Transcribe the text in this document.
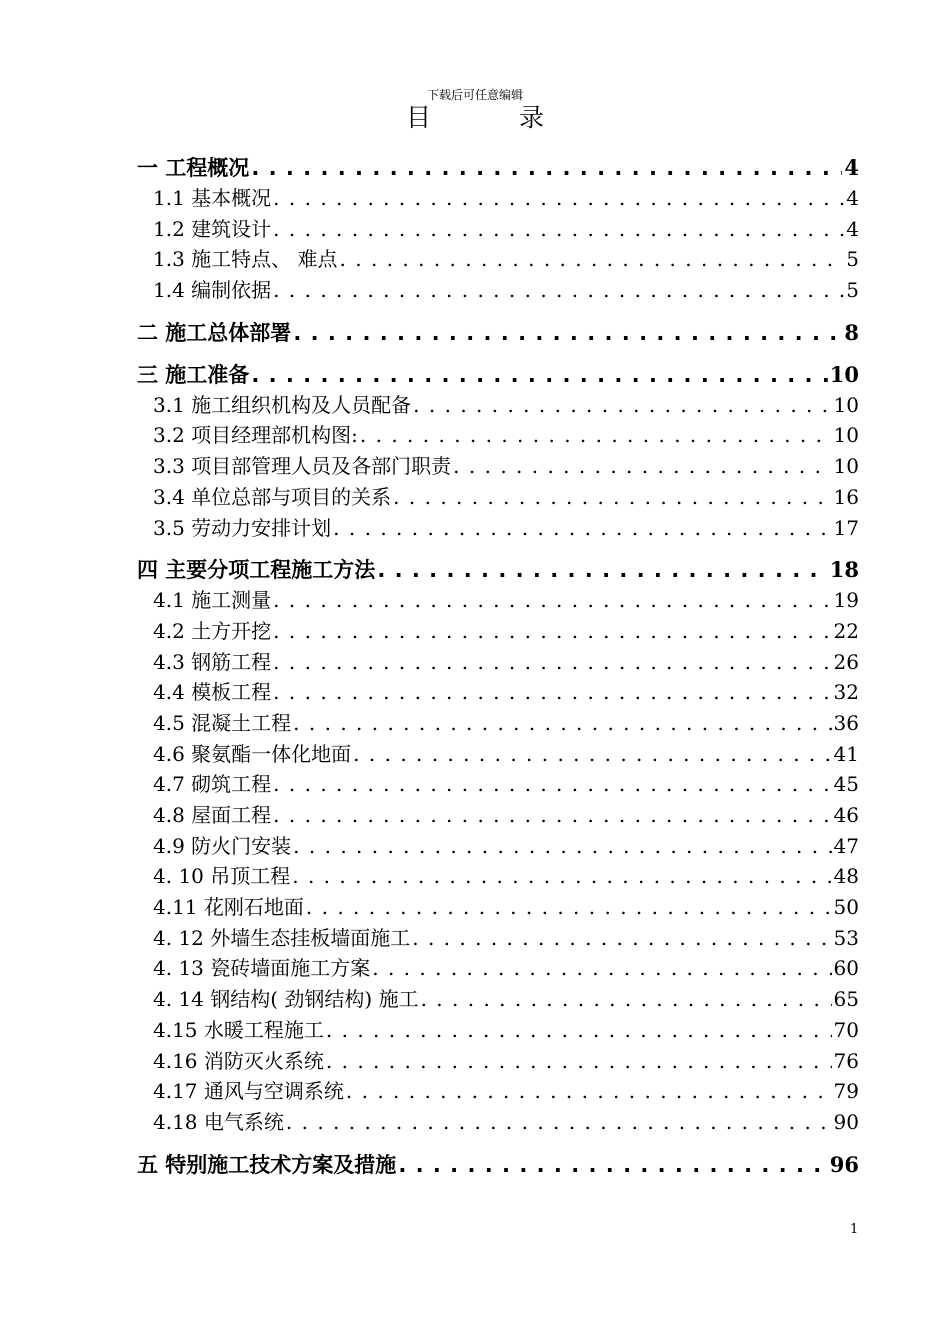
下载后可任意编辑
目 录
一 工程概况 . . .	4
1.1 基本概况 . . .	4
1.2 建筑设计 . . .	4
1.3 施工特点、 难点 . . .	5
1.4 编制依据 . . .	5
二 施工总体部署 . . .	8
三 施工准备 . . .	10
3.1 施工组织机构及人员配备 . . .	10
3.2 项目经理部机构图: . . .	10
3.3 项目部管理人员及各部门职责 . . .	10
3.4 单位总部与项目的关系 . . .	16
3.5 劳动力安排计划 . . .	17
四 主要分项工程施工方法 . . .	18
4.1 施工测量 . . .	19
4.2 土方开挖 . . .	22
4.3 钢筋工程 . . .	26
4.4 模板工程 . . .	32
4.5 混凝土工程 . . .	36
4.6 聚氨酯一体化地面 . . .	41
4.7 砌筑工程 . . .	45
4.8 屋面工程 . . .	46
4.9 防火门安装 . . .	47
4. 10 吊顶工程 . . .	48
4.11 花刚石地面 . . .	50
4. 12 外墙生态挂板墙面施工 . . .	53
4. 13 瓷砖墙面施工方案 . . .	60
4. 14 钢结构( 劲钢结构) 施工 . . .	65
4.15 水暖工程施工 . . .	70
4.16 消防灭火系统 . . .	76
4.17 通风与空调系统 . . .	79
4.18 电气系统 . . .	90
五 特别施工技术方案及措施 . . .	96
1
